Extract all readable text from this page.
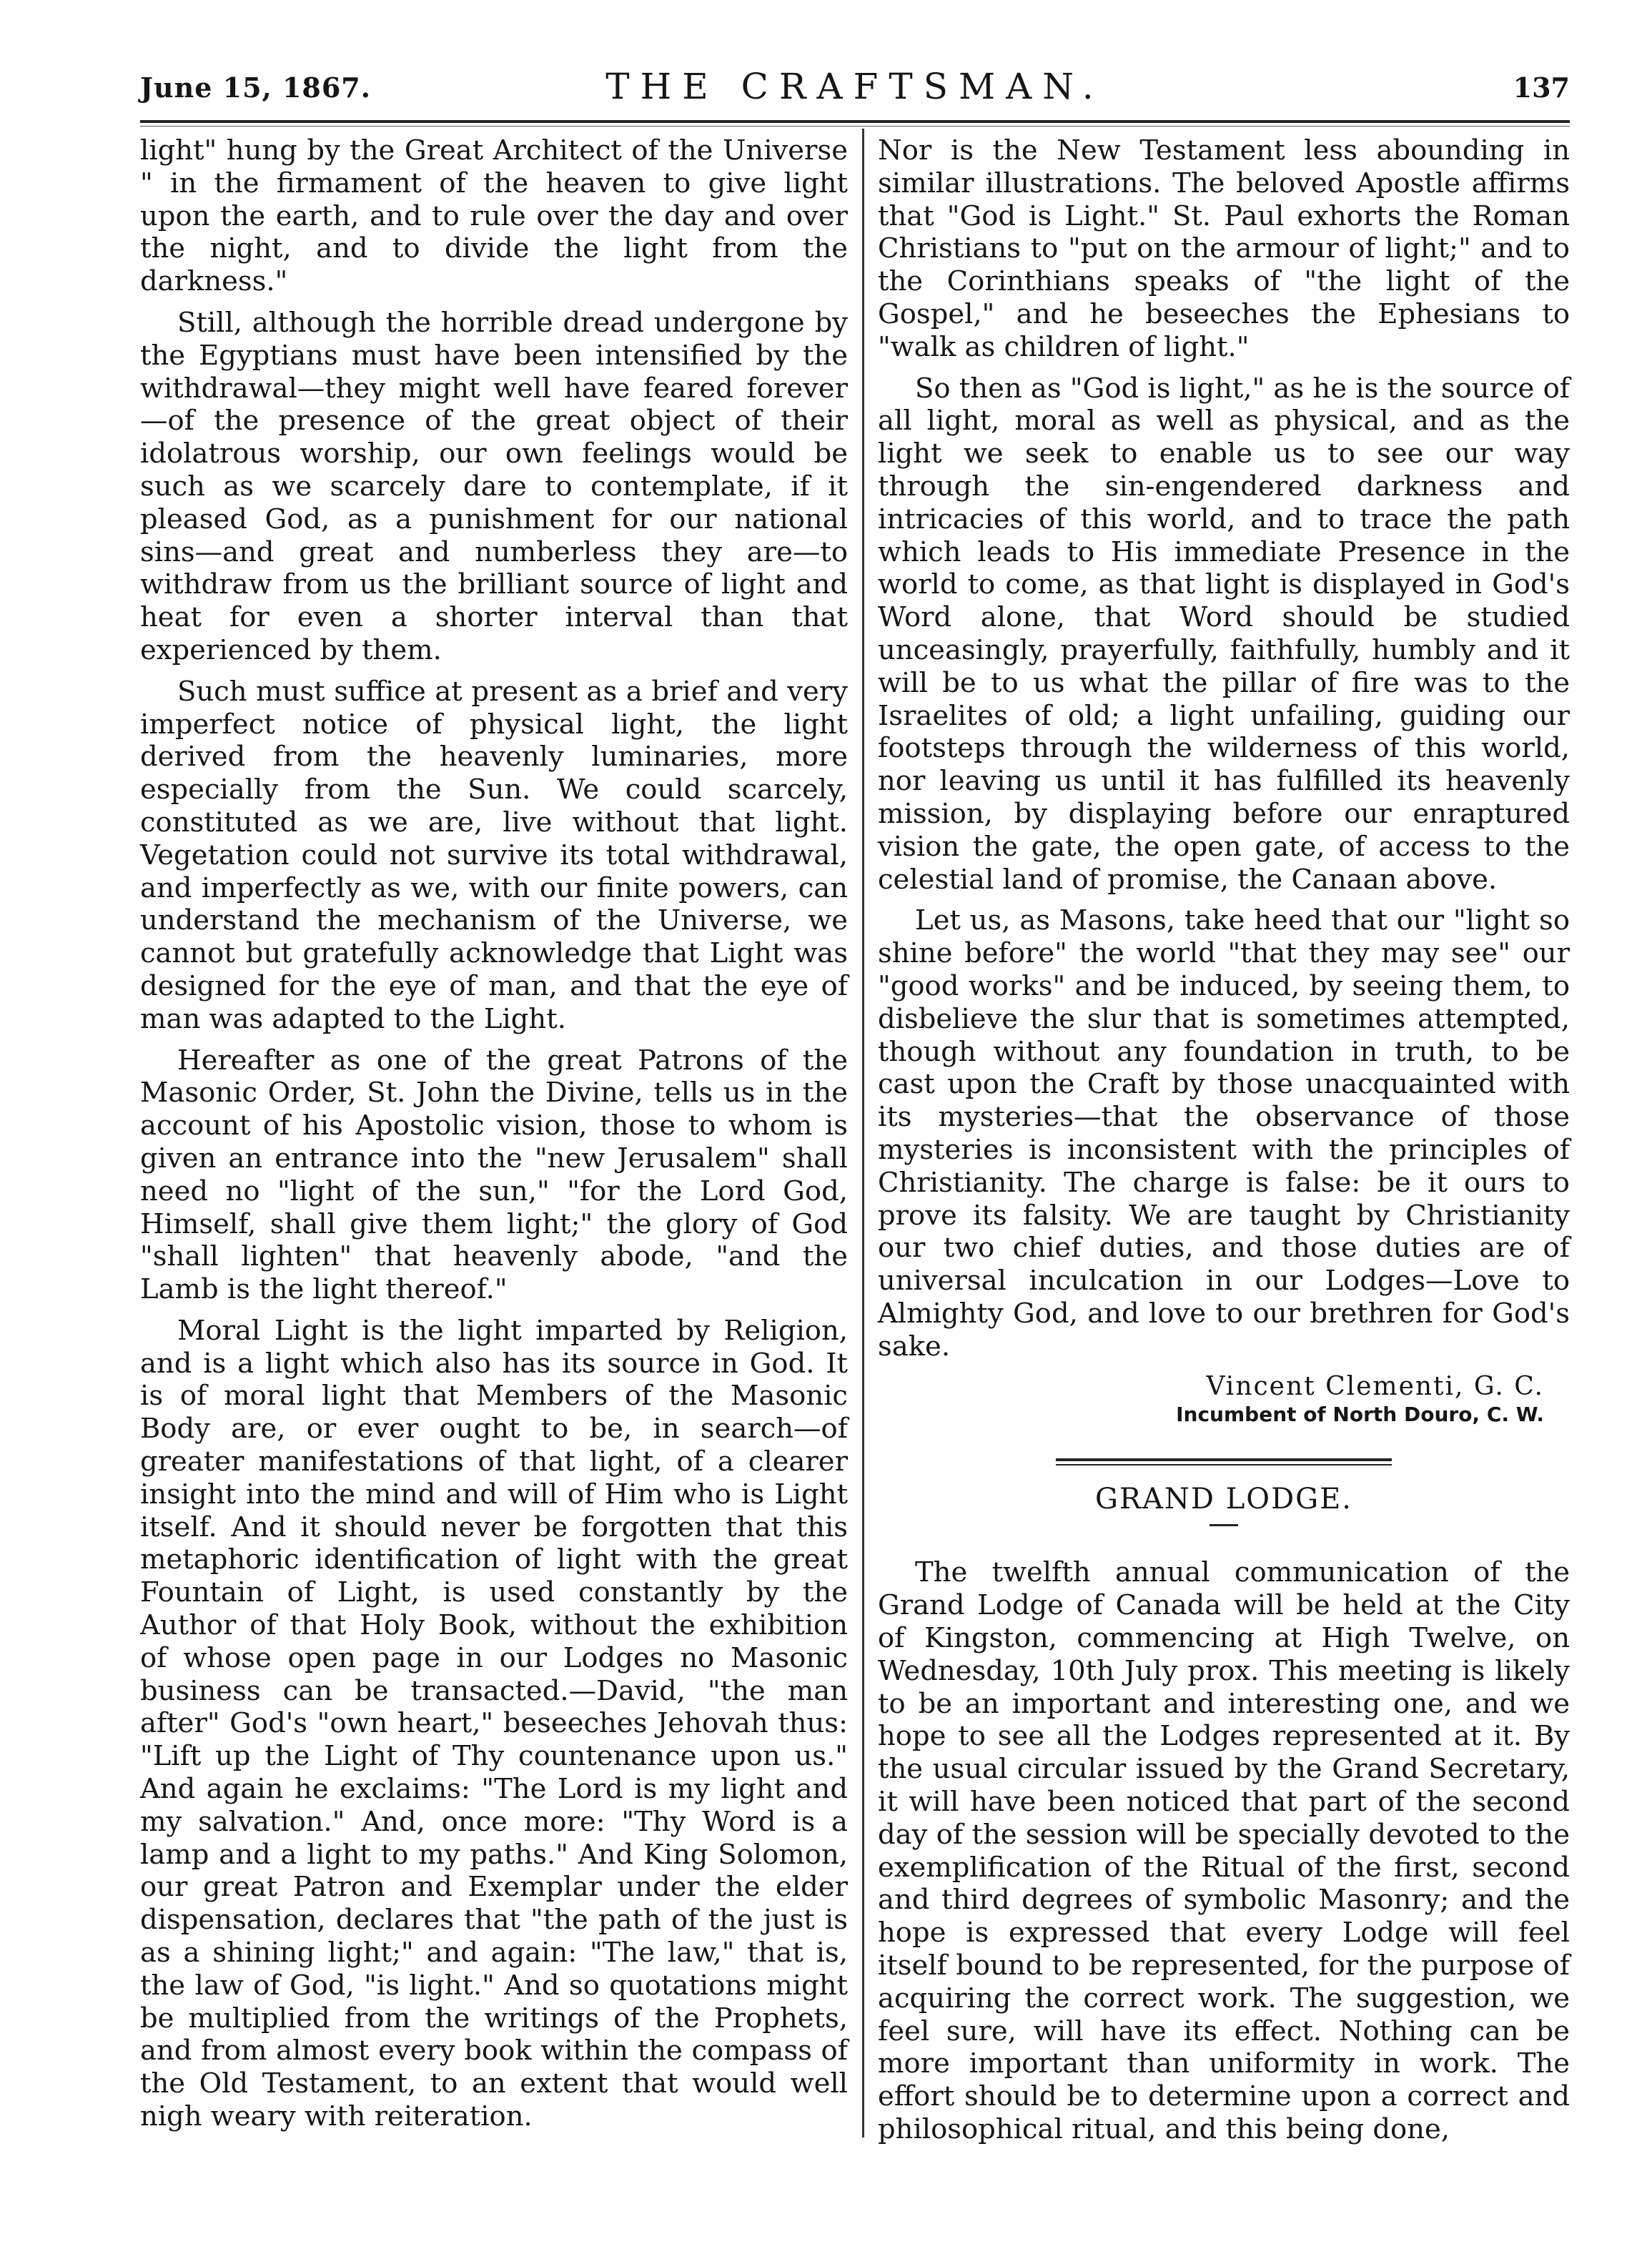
June 15, 1867.	THE CRAFTSMAN.	137

light" hung by the Great Architect of the Universe " in the firmament of the heaven to give light upon the earth, and to rule over the day and over the night, and to divide the light from the darkness."

Still, although the horrible dread undergone by the Egyptians must have been intensified by the withdrawal—they might well have feared forever—of the presence of the great object of their idolatrous worship, our own feelings would be such as we scarcely dare to contemplate, if it pleased God, as a punishment for our national sins—and great and numberless they are—to withdraw from us the brilliant source of light and heat for even a shorter interval than that experienced by them.

Such must suffice at present as a brief and very imperfect notice of physical light, the light derived from the heavenly luminaries, more especially from the Sun. We could scarcely, constituted as we are, live without that light. Vegetation could not survive its total withdrawal, and imperfectly as we, with our finite powers, can understand the mechanism of the Universe, we cannot but gratefully acknowledge that Light was designed for the eye of man, and that the eye of man was adapted to the Light.

Hereafter as one of the great Patrons of the Masonic Order, St. John the Divine, tells us in the account of his Apostolic vision, those to whom is given an entrance into the "new Jerusalem" shall need no "light of the sun," "for the Lord God, Himself, shall give them light;" the glory of God "shall lighten" that heavenly abode, "and the Lamb is the light thereof."

Moral Light is the light imparted by Religion, and is a light which also has its source in God. It is of moral light that Members of the Masonic Body are, or ever ought to be, in search—of greater manifestations of that light, of a clearer insight into the mind and will of Him who is Light itself. And it should never be forgotten that this metaphoric identification of light with the great Fountain of Light, is used constantly by the Author of that Holy Book, without the exhibition of whose open page in our Lodges no Masonic business can be transacted.—David, "the man after" God's "own heart," beseeches Jehovah thus: "Lift up the Light of Thy countenance upon us." And again he exclaims: "The Lord is my light and my salvation." And, once more: "Thy Word is a lamp and a light to my paths." And King Solomon, our great Patron and Exemplar under the elder dispensation, declares that "the path of the just is as a shining light;" and again: "The law," that is, the law of God, "is light." And so quotations might be multiplied from the writings of the Prophets, and from almost every book within the compass of the Old Testament, to an extent that would well nigh weary with reiteration.

Nor is the New Testament less abounding in similar illustrations. The beloved Apostle affirms that "God is Light." St. Paul exhorts the Roman Christians to "put on the armour of light;" and to the Corinthians speaks of "the light of the Gospel," and he beseeches the Ephesians to "walk as children of light."

So then as "God is light," as he is the source of all light, moral as well as physical, and as the light we seek to enable us to see our way through the sin-engendered darkness and intricacies of this world, and to trace the path which leads to His immediate Presence in the world to come, as that light is displayed in God's Word alone, that Word should be studied unceasingly, prayerfully, faithfully, humbly and it will be to us what the pillar of fire was to the Israelites of old; a light unfailing, guiding our footsteps through the wilderness of this world, nor leaving us until it has fulfilled its heavenly mission, by displaying before our enraptured vision the gate, the open gate, of access to the celestial land of promise, the Canaan above.

Let us, as Masons, take heed that our "light so shine before" the world "that they may see" our "good works" and be induced, by seeing them, to disbelieve the slur that is sometimes attempted, though without any foundation in truth, to be cast upon the Craft by those unacquainted with its mysteries—that the observance of those mysteries is inconsistent with the principles of Christianity. The charge is false: be it ours to prove its falsity. We are taught by Christianity our two chief duties, and those duties are of universal inculcation in our Lodges—Love to Almighty God, and love to our brethren for God's sake.

Vincent Clementi, G. C.
Incumbent of North Douro, C. W.
GRAND LODGE.

The twelfth annual communication of the Grand Lodge of Canada will be held at the City of Kingston, commencing at High Twelve, on Wednesday, 10th July prox. This meeting is likely to be an important and interesting one, and we hope to see all the Lodges represented at it. By the usual circular issued by the Grand Secretary, it will have been noticed that part of the second day of the session will be specially devoted to the exemplification of the Ritual of the first, second and third degrees of symbolic Masonry; and the hope is expressed that every Lodge will feel itself bound to be represented, for the purpose of acquiring the correct work. The suggestion, we feel sure, will have its effect. Nothing can be more important than uniformity in work. The effort should be to determine upon a correct and philosophical ritual, and this being done,
